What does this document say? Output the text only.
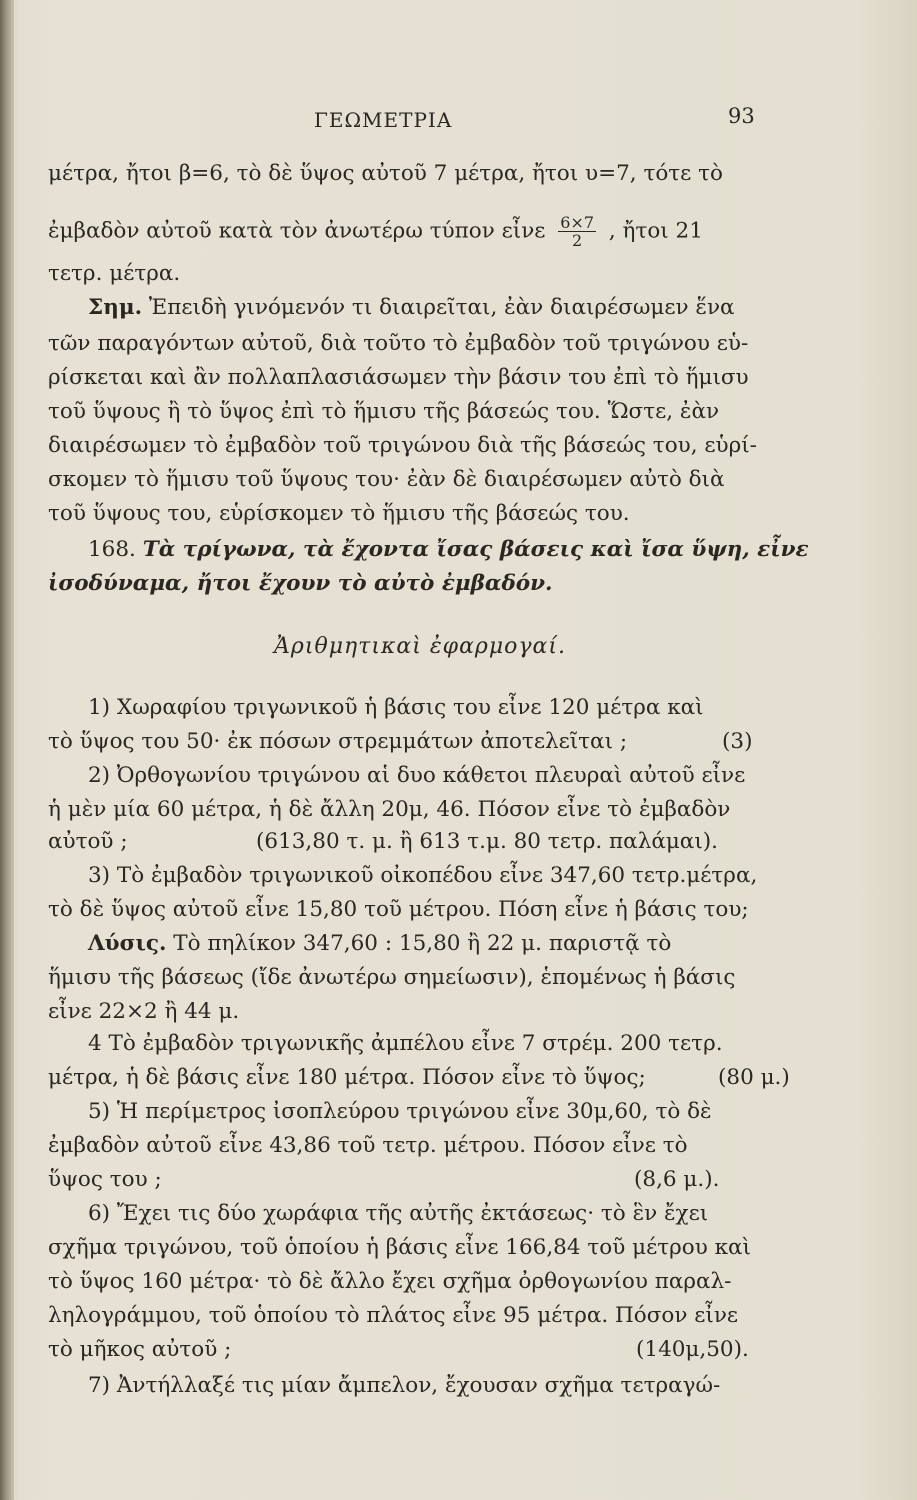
ΓΕΩΜΕΤΡΙΑ	93
μέτρα, ἤτοι β=6, τὸ δὲ ὕψος αὐτοῦ 7 μέτρα, ἤτοι υ=7, τότε τὸ
ἐμβαδὸν αὐτοῦ κατὰ τὸν ἀνωτέρω τύπον εἶνε $\frac{6\times 7}{2}$ , ἤτοι 21
τετρ. μέτρα.
Σημ. Ἐπειδὴ γινόμενόν τι διαιρεῖται, ἐὰν διαιρέσωμεν ἕνα
τῶν παραγόντων αὐτοῦ, διὰ τοῦτο τὸ ἐμβαδὸν τοῦ τριγώνου εὑ-
ρίσκεται καὶ ἂν πολλαπλασιάσωμεν τὴν βάσιν του ἐπὶ τὸ ἥμισυ
τοῦ ὕψους ἢ τὸ ὕψος ἐπὶ τὸ ἥμισυ τῆς βάσεώς του. Ὥστε, ἐὰν
διαιρέσωμεν τὸ ἐμβαδὸν τοῦ τριγώνου διὰ τῆς βάσεώς του, εὑρί-
σκομεν τὸ ἥμισυ τοῦ ὕψους του· ἐὰν δὲ διαιρέσωμεν αὐτὸ διὰ
τοῦ ὕψους του, εὑρίσκομεν τὸ ἥμισυ τῆς βάσεώς του.
168. Τὰ τρίγωνα, τὰ ἔχοντα ἴσας βάσεις καὶ ἴσα ὕψη, εἶνε
ἰσοδύναμα, ἤτοι ἔχουν τὸ αὐτὸ ἐμβαδόν.
Ἀριθμητικαὶ ἐφαρμογαί.
1) Χωραφίου τριγωνικοῦ ἡ βάσις του εἶνε 120 μέτρα καὶ
τὸ ὕψος του 50· ἐκ πόσων στρεμμάτων ἀποτελεῖται ;	(3)
2) Ὀρθογωνίου τριγώνου αἱ δυο κάθετοι πλευραὶ αὐτοῦ εἶνε
ἡ μὲν μία 60 μέτρα, ἡ δὲ ἄλλη 20μ, 46. Πόσον εἶνε τὸ ἐμβαδὸν
αὐτοῦ ;	(613,80 τ. μ. ἢ 613 τ.μ. 80 τετρ. παλάμαι).
3) Τὸ ἐμβαδὸν τριγωνικοῦ οἰκοπέδου εἶνε 347,60 τετρ.μέτρα,
τὸ δὲ ὕψος αὐτοῦ εἶνε 15,80 τοῦ μέτρου. Πόση εἶνε ἡ βάσις του;
Λύσις. Τὸ πηλίκον 347,60 : 15,80 ἢ 22 μ. παριστᾷ τὸ
ἥμισυ τῆς βάσεως (ἴδε ἀνωτέρω σημείωσιν), ἑπομένως ἡ βάσις
εἶνε 22×2 ἢ 44 μ.
4 Τὸ ἐμβαδὸν τριγωνικῆς ἀμπέλου εἶνε 7 στρέμ. 200 τετρ.
μέτρα, ἡ δὲ βάσις εἶνε 180 μέτρα. Πόσον εἶνε τὸ ὕψος;	(80 μ.)
5) Ἡ περίμετρος ἰσοπλεύρου τριγώνου εἶνε 30μ,60, τὸ δὲ
ἐμβαδὸν αὐτοῦ εἶνε 43,86 τοῦ τετρ. μέτρου. Πόσον εἶνε τὸ
ὕψος του ;	(8,6 μ.).
6) Ἔχει τις δύο χωράφια τῆς αὐτῆς ἐκτάσεως· τὸ ἓν ἔχει
σχῆμα τριγώνου, τοῦ ὁποίου ἡ βάσις εἶνε 166,84 τοῦ μέτρου καὶ
τὸ ὕψος 160 μέτρα· τὸ δὲ ἄλλο ἔχει σχῆμα ὀρθογωνίου παραλ-
ληλογράμμου, τοῦ ὁποίου τὸ πλάτος εἶνε 95 μέτρα. Πόσον εἶνε
τὸ μῆκος αὐτοῦ ;	(140μ,50).
7) Ἀντήλλαξέ τις μίαν ἄμπελον, ἔχουσαν σχῆμα τετραγώ-
